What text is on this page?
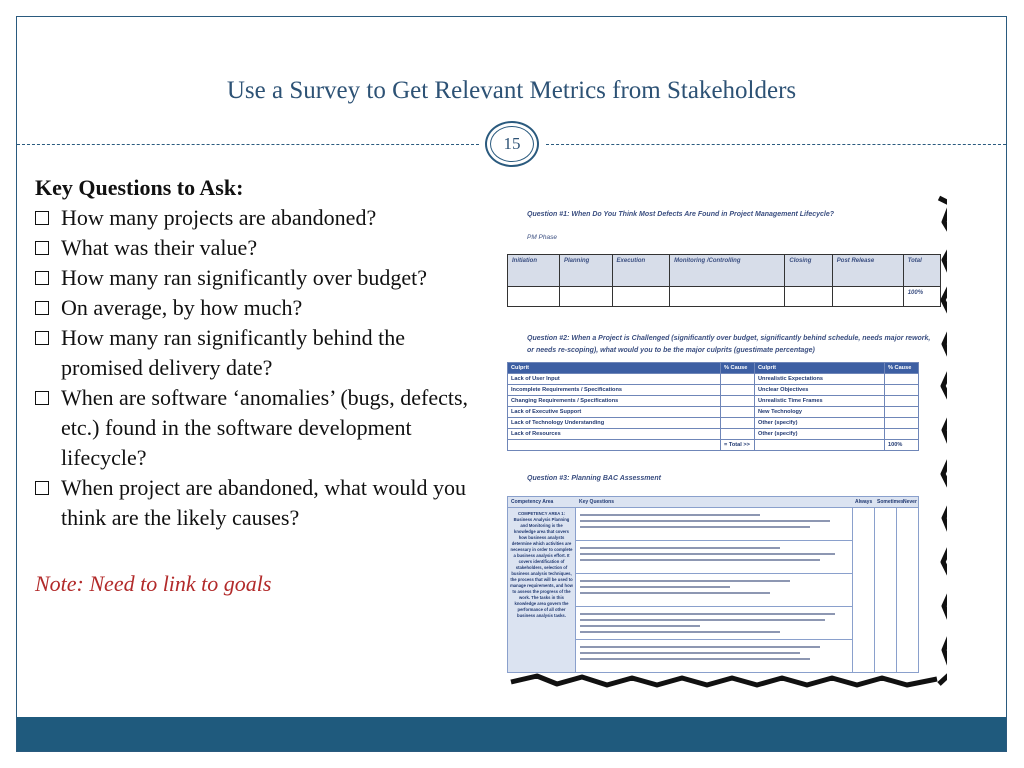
Use a Survey to Get Relevant Metrics from Stakeholders
15
Key Questions to Ask:
How many projects are abandoned?
What was their value?
How many ran significantly over budget?
On average, by how much?
How many ran significantly behind the promised delivery date?
When are software ‘anomalies’ (bugs, defects, etc.) found in the software development lifecycle?
When project are abandoned, what would you think are the likely causes?
Note: Need to link to goals
Question #1: When Do You Think Most Defects Are Found in Project Management Lifecycle?
PM Phase
Initiation	Planning	Execution	Monitoring /Controlling	Closing	Post Release	Total
						100%
Question #2: When a Project is Challenged (significantly over budget, significantly behind schedule, needs major rework,
or needs re-scoping), what would you to be the major culprits (guestimate percentage)
Culprit	% Cause	Culprit	% Cause
Lack of User Input		Unrealistic Expectations	
Incomplete Requirements / Specifications		Unclear Objectives	
Changing Requirements / Specifications		Unrealistic Time Frames	
Lack of Executive Support		New Technology	
Lack of Technology Understanding		Other (specify)	
Lack of Resources		Other (specify)	
	= Total >>		100%
Question #3: Planning BAC Assessment
Competency Area	Key Questions	Always Sometimes Never
COMPETENCY AREA 1: Business Analysis Planning and Monitoring is the knowledge area that covers how business analysts determine which activities are necessary in order to complete a business analysis effort. It covers identification of stakeholders, selection of business analysis techniques, the process that will be used to manage requirements, and how to assess the progress of the work. The tasks in this knowledge area govern the performance of all other business analysis tasks.
